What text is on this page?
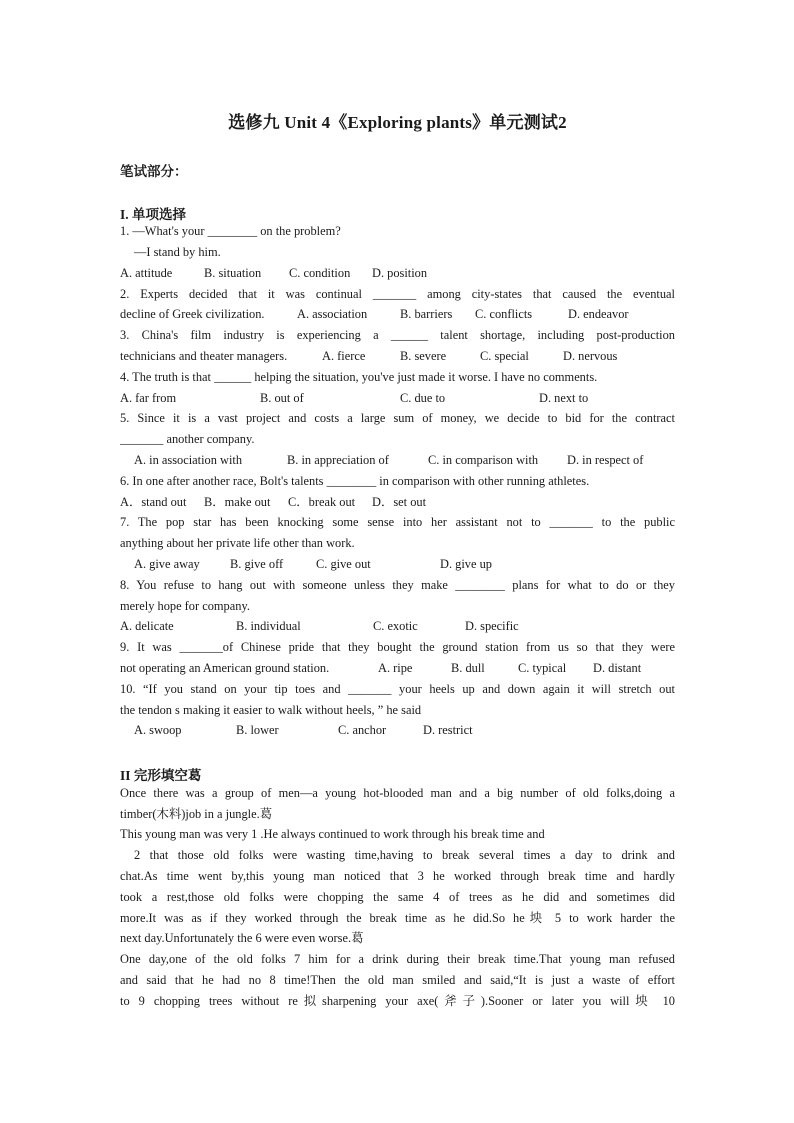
选修九 Unit 4《Exploring plants》单元测试2
笔试部分：
I. 单项选择
1. —What's your ________ on the problem?
—I stand by him.
A. attitude	B. situation	C. condition	D. position
2. Experts decided that it was continual _______ among city-states that caused the eventual
decline of Greek civilization.	A. association	B. barriers	C. conflicts	D. endeavor
3. China's film industry is experiencing a ______ talent shortage, including post-production
technicians and theater managers.	A. fierce	B. severe	C. special	D. nervous
4. The truth is that ______ helping the situation, you've just made it worse. I have no comments.
A. far from	B. out of	C. due to	D. next to
5. Since it is a vast project and costs a large sum of money, we decide to bid for the contract
_______ another company.
A. in association with	B. in appreciation of	C. in comparison with	D. in respect of
6. In one after another race, Bolt's talents ________ in comparison with other running athletes.
A．stand out	B．make out	C．break out	D．set out
7. The pop star has been knocking some sense into her assistant not to _______ to the public
anything about her private life other than work.
A. give away	B. give off	C. give out	D. give up
8. You refuse to hang out with someone unless they make ________ plans for what to do or they
merely hope for company.
A. delicate	B. individual	C. exotic	D. specific
9. It was _______of Chinese pride that they bought the ground station from us so that they were
not operating an American ground station.	A. ripe	B. dull	C. typical	D. distant
10. “If you stand on your tip toes and _______ your heels up and down again it will stretch out
the tendon s making it easier to walk without heels, ” he said
A. swoop	B. lower	C. anchor	D. restrict
II 完形填空葛
Once there was a group of men—a young hot-blooded man and a big number of old folks,doing a
timber(木料)job in a jungle.葛
This young man was very 1 .He always continued to work through his break time and
2 that those old folks were wasting time,having to break several times a day to drink and
chat.As time went by,this young man noticed that 3 he worked through break time and hardly
took a rest,those old folks were chopping the same 4 of trees as he did and sometimes did
more.It was as if they worked through the break time as he did.So he坱 5 to work harder the
next day.Unfortunately the 6 were even worse.葛
One day,one of the old folks 7 him for a drink during their break time.That young man refused
and said that he had no 8 time!Then the old man smiled and said,“It is just a waste of effort
to 9 chopping trees without re拟sharpening your axe(斧子).Sooner or later you will坱 10
